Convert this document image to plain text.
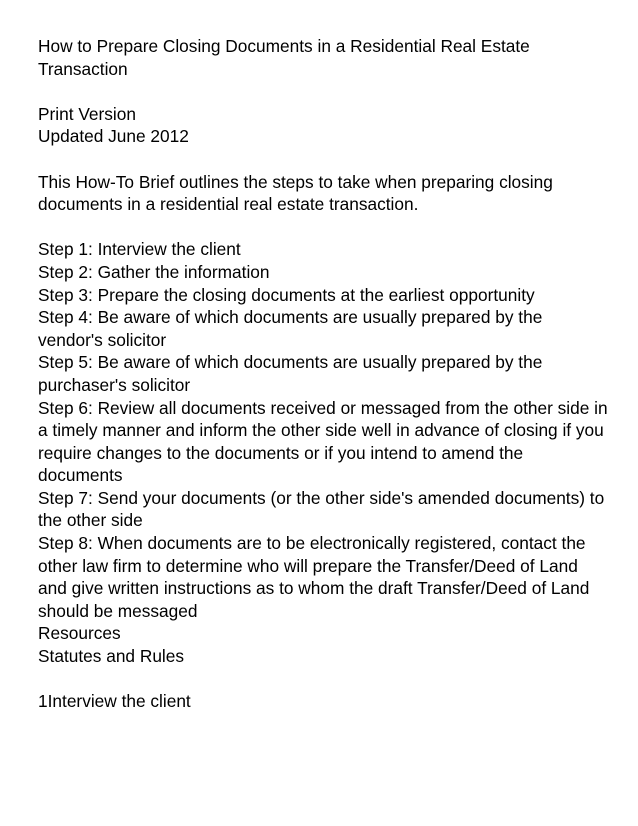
How to Prepare Closing Documents in a Residential Real Estate Transaction

Print Version

Updated June 2012

This How-To Brief outlines the steps to take when preparing closing documents in a residential real estate transaction.

Step 1: Interview the client

Step 2: Gather the information

Step 3: Prepare the closing documents at the earliest opportunity

Step 4: Be aware of which documents are usually prepared by the vendor's solicitor

Step 5: Be aware of which documents are usually prepared by the purchaser's solicitor

Step 6: Review all documents received or messaged from the other side in a timely manner and inform the other side well in advance of closing if you require changes to the documents or if you intend to amend the documents

Step 7: Send your documents (or the other side's amended documents) to the other side

Step 8: When documents are to be electronically registered, contact the other law firm to determine who will prepare the Transfer/Deed of Land and give written instructions as to whom the draft Transfer/Deed of Land should be messaged

Resources

Statutes and Rules

1Interview the client
